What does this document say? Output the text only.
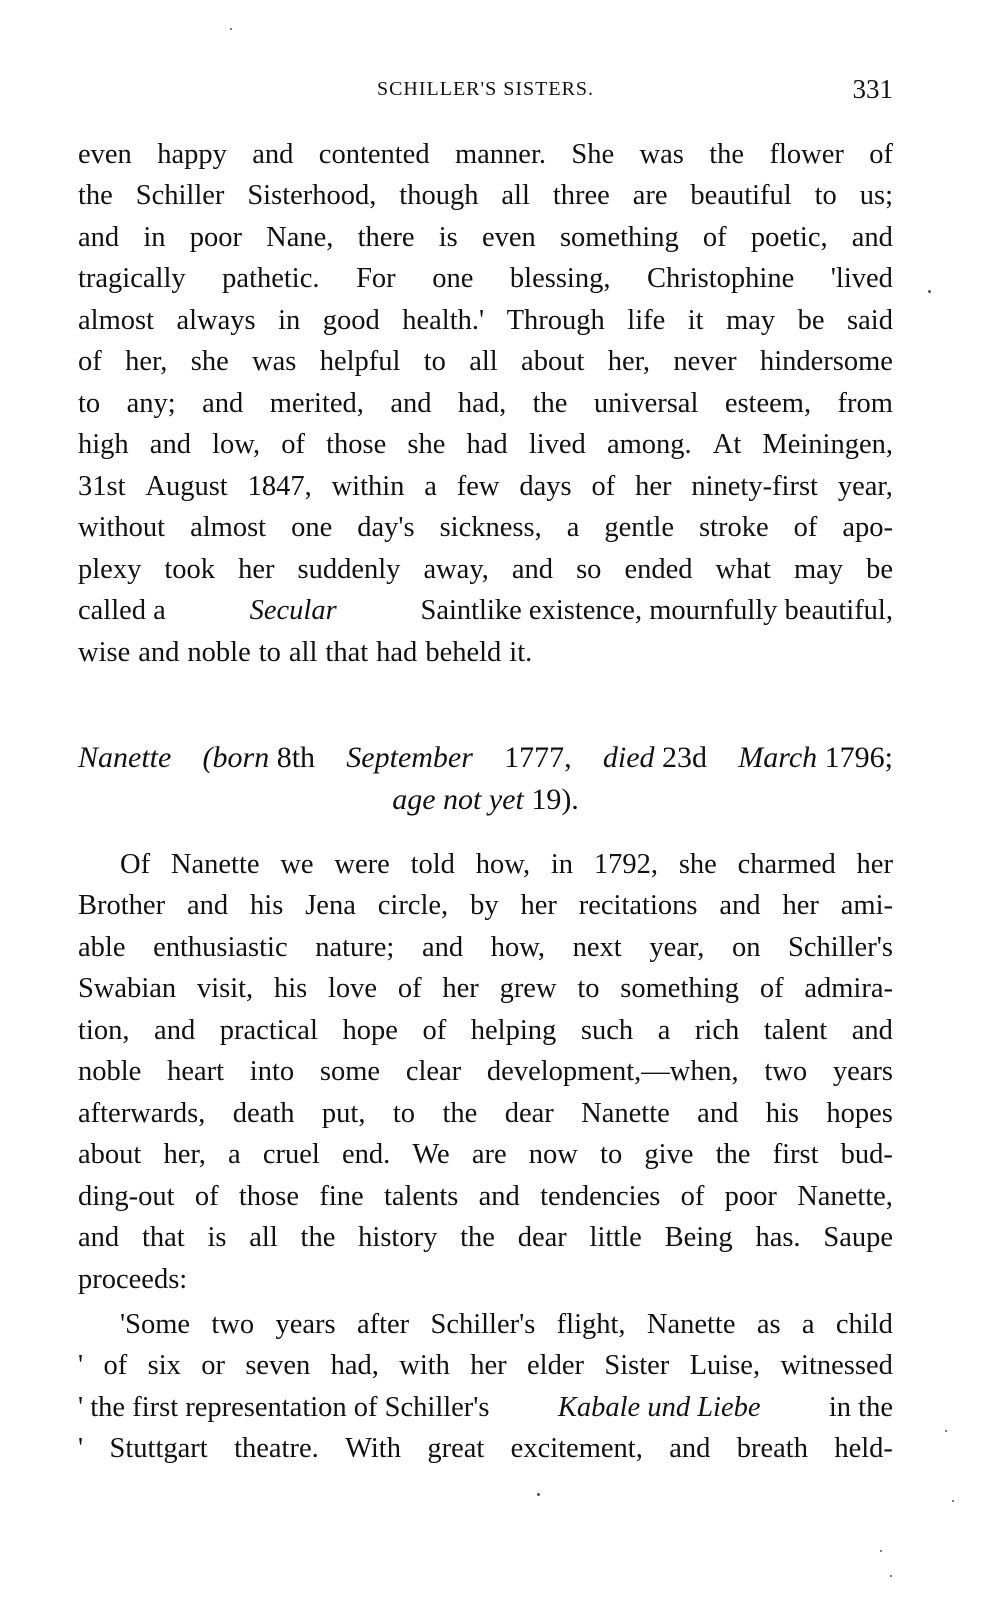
SCHILLER'S SISTERS.	331
even happy and contented manner. She was the flower of
the Schiller Sisterhood, though all three are beautiful to us;
and in poor Nane, there is even something of poetic, and
tragically pathetic. For one blessing, Christophine 'lived
almost always in good health.' Through life it may be said
of her, she was helpful to all about her, never hindersome
to any; and merited, and had, the universal esteem, from
high and low, of those she had lived among. At Meiningen,
31st August 1847, within a few days of her ninety-first year,
without almost one day's sickness, a gentle stroke of apo-
plexy took her suddenly away, and so ended what may be
called a	Secular	Saintlike existence, mournfully beautiful,
wise and noble to all that had beheld it.
Nanette (born 8th September 1777, died 23d March 1796;
age not yet 19).
Of Nanette we were told how, in 1792, she charmed her
Brother and his Jena circle, by her recitations and her ami-
able enthusiastic nature; and how, next year, on Schiller's
Swabian visit, his love of her grew to something of admira-
tion, and practical hope of helping such a rich talent and
noble heart into some clear development,—when, two years
afterwards, death put, to the dear Nanette and his hopes
about her, a cruel end. We are now to give the first bud-
ding-out of those fine talents and tendencies of poor Nanette,
and that is all the history the dear little Being has. Saupe
proceeds:
'Some two years after Schiller's flight, Nanette as a child
' of six or seven had, with her elder Sister Luise, witnessed
' the first representation of Schiller's Kabale und Liebe in the
' Stuttgart theatre. With great excitement, and breath held-
